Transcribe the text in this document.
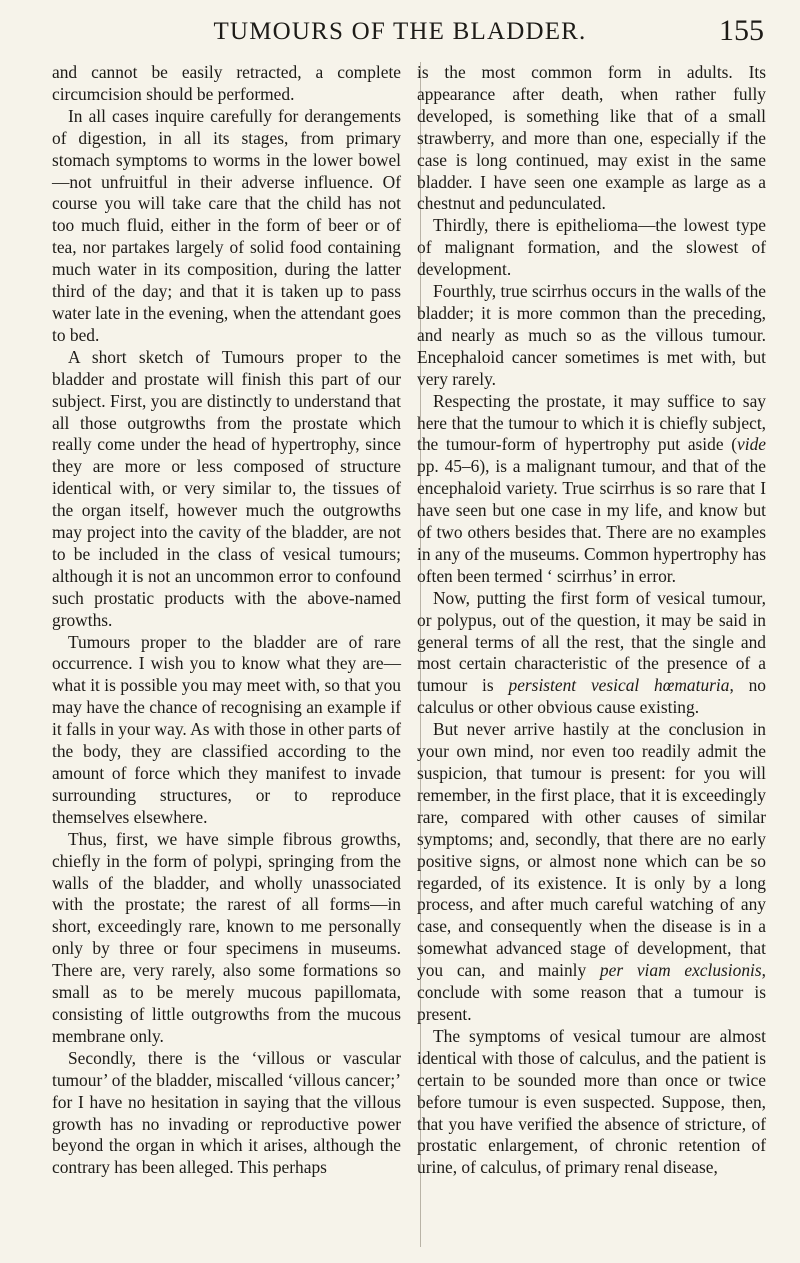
TUMOURS OF THE BLADDER.	155

and cannot be easily retracted, a complete circumcision should be performed.

In all cases inquire carefully for derangements of digestion, in all its stages, from primary stomach symptoms to worms in the lower bowel—not unfruitful in their adverse influence. Of course you will take care that the child has not too much fluid, either in the form of beer or of tea, nor partakes largely of solid food containing much water in its composition, during the latter third of the day; and that it is taken up to pass water late in the evening, when the attendant goes to bed.

A short sketch of Tumours proper to the bladder and prostate will finish this part of our subject. First, you are distinctly to understand that all those outgrowths from the prostate which really come under the head of hypertrophy, since they are more or less composed of structure identical with, or very similar to, the tissues of the organ itself, however much the outgrowths may project into the cavity of the bladder, are not to be included in the class of vesical tumours; although it is not an uncommon error to confound such prostatic products with the above-named growths.

Tumours proper to the bladder are of rare occurrence. I wish you to know what they are—what it is possible you may meet with, so that you may have the chance of recognising an example if it falls in your way. As with those in other parts of the body, they are classified according to the amount of force which they manifest to invade surrounding structures, or to reproduce themselves elsewhere.

Thus, first, we have simple fibrous growths, chiefly in the form of polypi, springing from the walls of the bladder, and wholly unassociated with the prostate; the rarest of all forms—in short, exceedingly rare, known to me personally only by three or four specimens in museums. There are, very rarely, also some formations so small as to be merely mucous papillomata, consisting of little outgrowths from the mucous membrane only.

Secondly, there is the ‘villous or vascular tumour’ of the bladder, miscalled ‘villous cancer;’ for I have no hesitation in saying that the villous growth has no invading or reproductive power beyond the organ in which it arises, although the contrary has been alleged. This perhaps

is the most common form in adults. Its appearance after death, when rather fully developed, is something like that of a small strawberry, and more than one, especially if the case is long continued, may exist in the same bladder. I have seen one example as large as a chestnut and pedunculated.

Thirdly, there is epithelioma—the lowest type of malignant formation, and the slowest of development.

Fourthly, true scirrhus occurs in the walls of the bladder; it is more common than the preceding, and nearly as much so as the villous tumour. Encephaloid cancer sometimes is met with, but very rarely.

Respecting the prostate, it may suffice to say here that the tumour to which it is chiefly subject, the tumour-form of hypertrophy put aside (vide pp. 45–6), is a malignant tumour, and that of the encephaloid variety. True scirrhus is so rare that I have seen but one case in my life, and know but of two others besides that. There are no examples in any of the museums. Common hypertrophy has often been termed ‘ scirrhus’ in error.

Now, putting the first form of vesical tumour, or polypus, out of the question, it may be said in general terms of all the rest, that the single and most certain characteristic of the presence of a tumour is persistent vesical hœmaturia, no calculus or other obvious cause existing.

But never arrive hastily at the conclusion in your own mind, nor even too readily admit the suspicion, that tumour is present: for you will remember, in the first place, that it is exceedingly rare, compared with other causes of similar symptoms; and, secondly, that there are no early positive signs, or almost none which can be so regarded, of its existence. It is only by a long process, and after much careful watching of any case, and consequently when the disease is in a somewhat advanced stage of development, that you can, and mainly per viam exclusionis, conclude with some reason that a tumour is present.

The symptoms of vesical tumour are almost identical with those of calculus, and the patient is certain to be sounded more than once or twice before tumour is even suspected. Suppose, then, that you have verified the absence of stricture, of prostatic enlargement, of chronic retention of urine, of calculus, of primary renal disease,
